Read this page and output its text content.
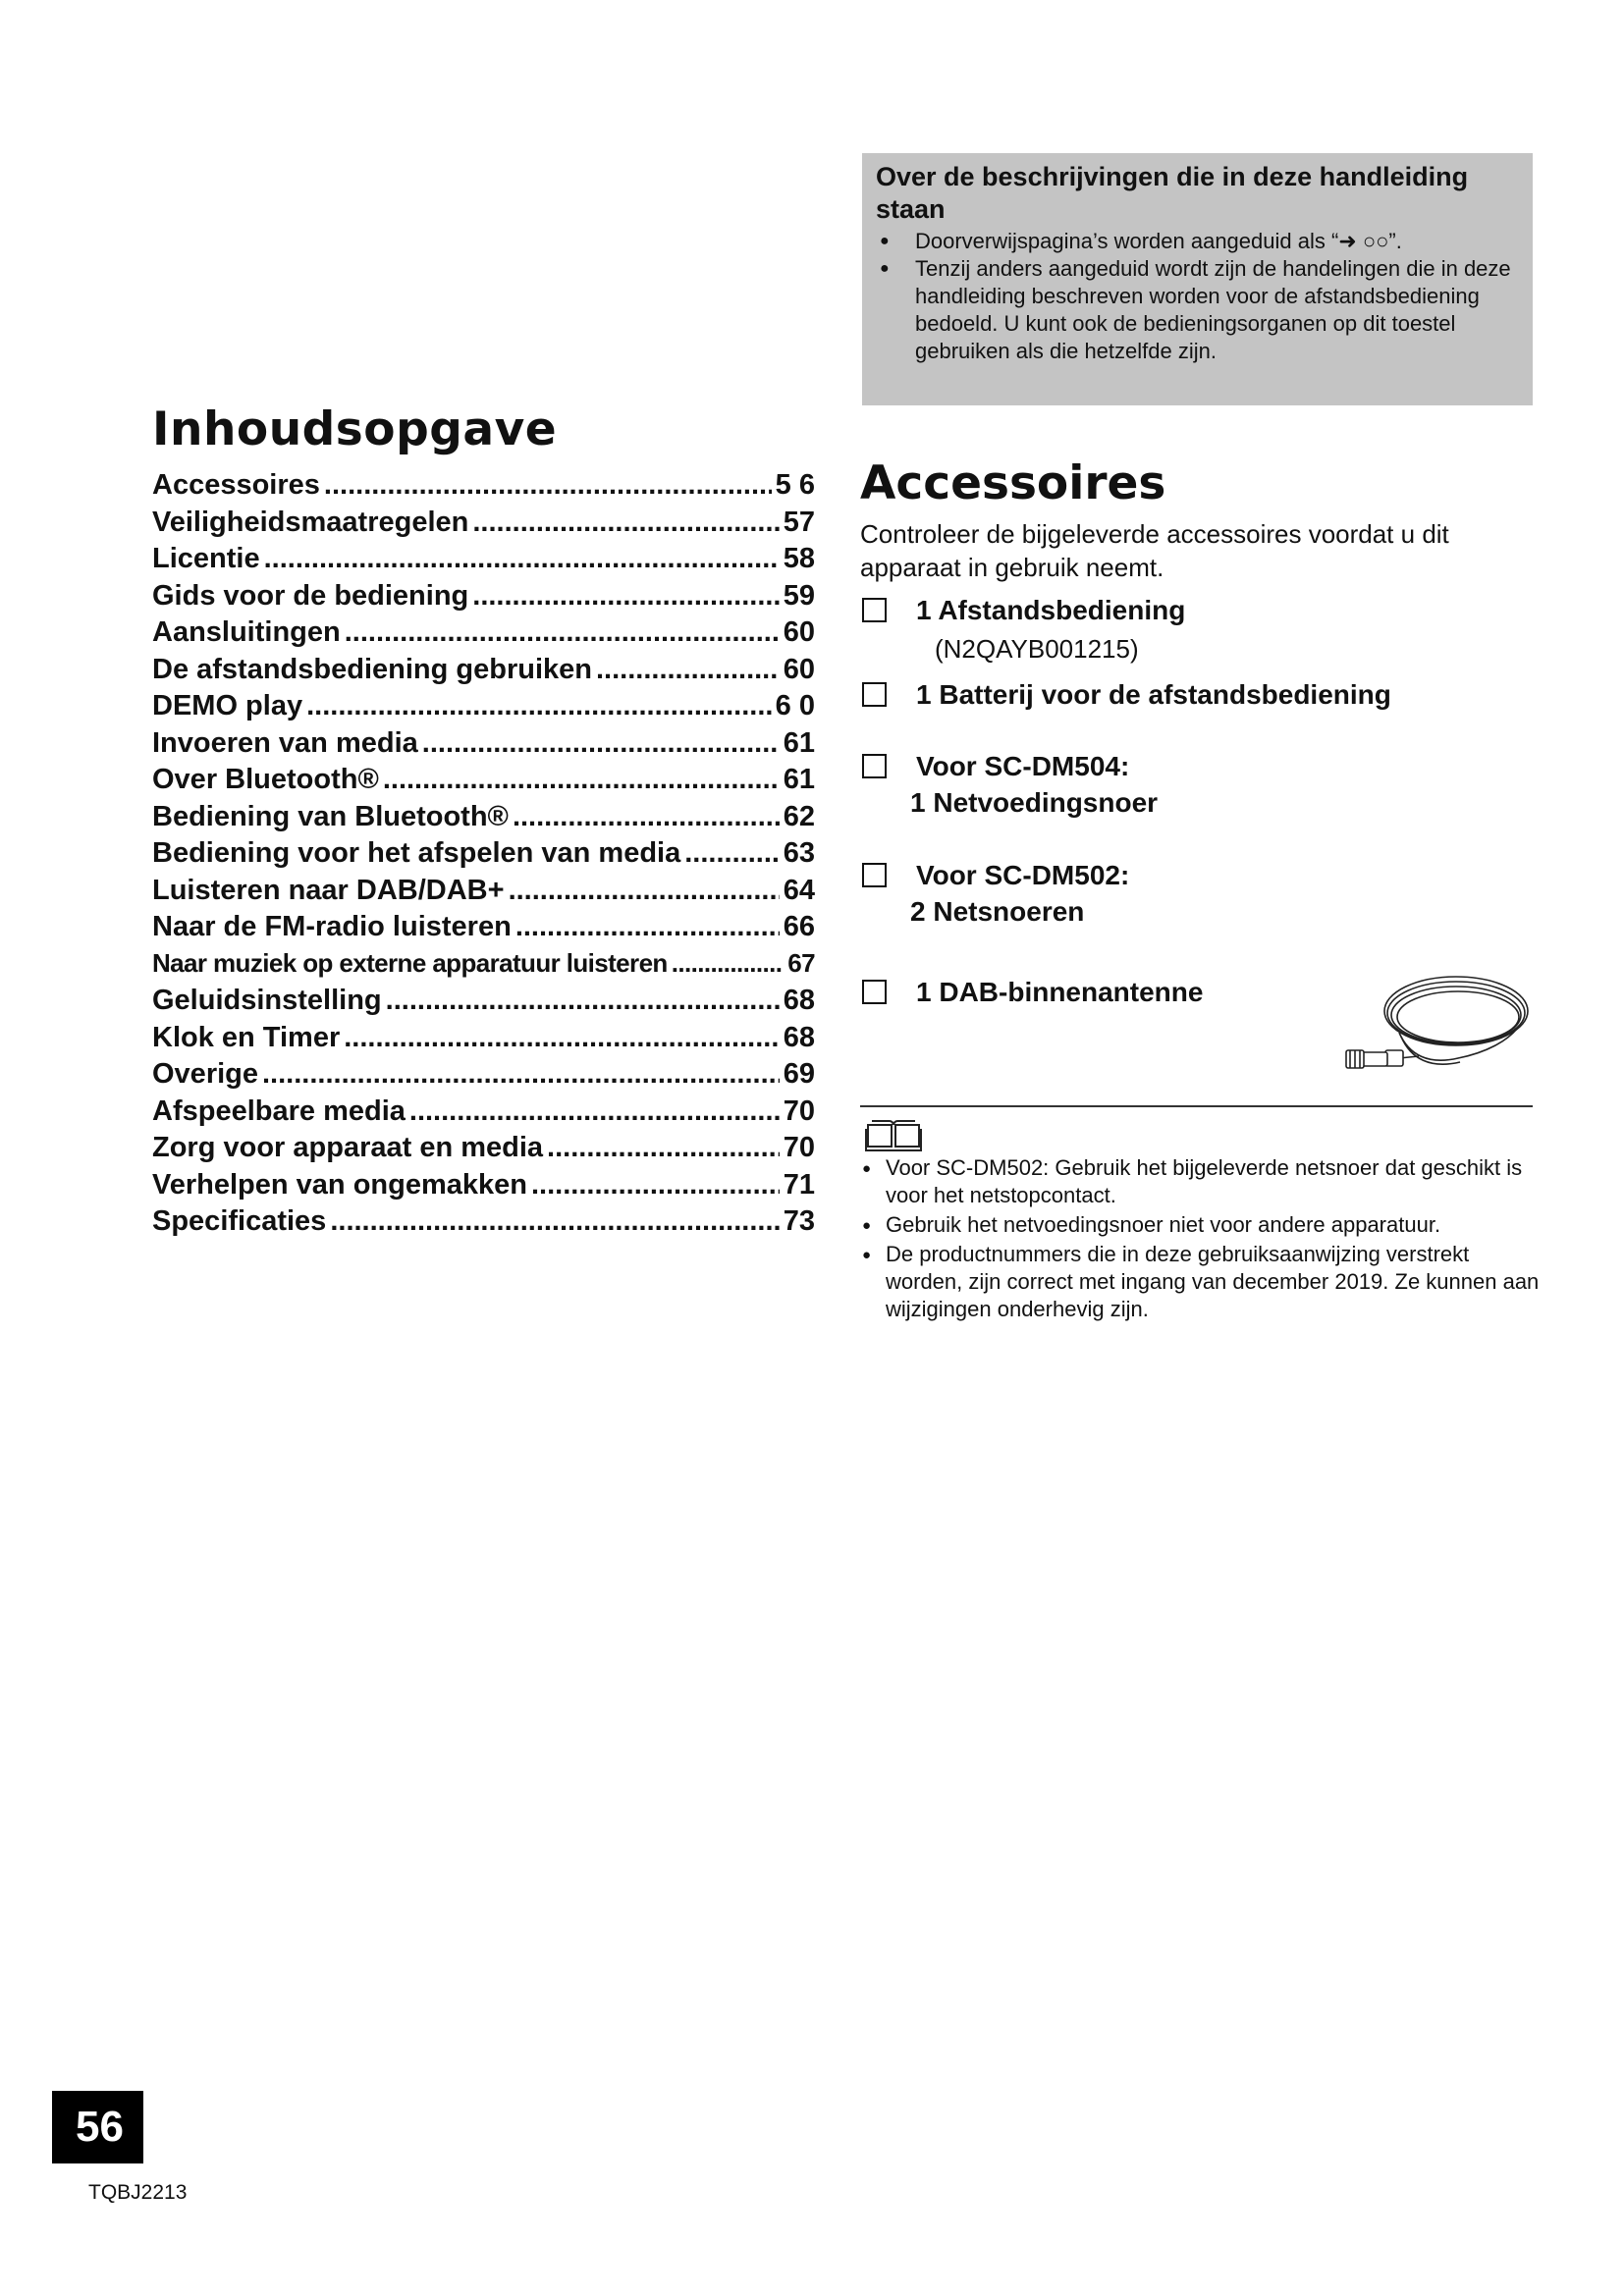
Inhoudsopgave
Accessoires .....	5 6
Veiligheidsmaatregelen .....	57
Licentie .....	58
Gids voor de bediening .....	59
Aansluitingen .....	60
De afstandsbediening gebruiken .....	60
DEMO play .....	6 0
Invoeren van media .....	61
Over Bluetooth® .....	61
Bediening van Bluetooth® .....	62
Bediening voor het afspelen van media .....	63
Luisteren naar DAB/DAB+ .....	64
Naar de FM-radio luisteren .....	66
Naar muziek op externe apparatuur luisteren .....	67
Geluidsinstelling .....	68
Klok en Timer .....	68
Overige .....	69
Afspeelbare media .....	70
Zorg voor apparaat en media .....	70
Verhelpen van ongemakken .....	71
Specificaties .....	73
Over de beschrijvingen die in deze handleiding staan
● Doorverwijspagina’s worden aangeduid als “➜ ○○”.
● Tenzij anders aangeduid wordt zijn de handelingen die in deze handleiding beschreven worden voor de afstandsbediening bedoeld. U kunt ook de bedieningsorganen op dit toestel gebruiken als die hetzelfde zijn.
Accessoires
Controleer de bijgeleverde accessoires voordat u dit apparaat in gebruik neemt.
1 Afstandsbediening
(N2QAYB001215)
1 Batterij voor de afstandsbediening
Voor SC-DM504:
1 Netvoedingsnoer
Voor SC-DM502:
2 Netsnoeren
1 DAB-binnenantenne
● Voor SC-DM502: Gebruik het bijgeleverde netsnoer dat geschikt is voor het netstopcontact.
● Gebruik het netvoedingsnoer niet voor andere apparatuur.
● De productnummers die in deze gebruiksaanwijzing verstrekt worden, zijn correct met ingang van december 2019. Ze kunnen aan wijzigingen onderhevig zijn.
56
TQBJ2213
